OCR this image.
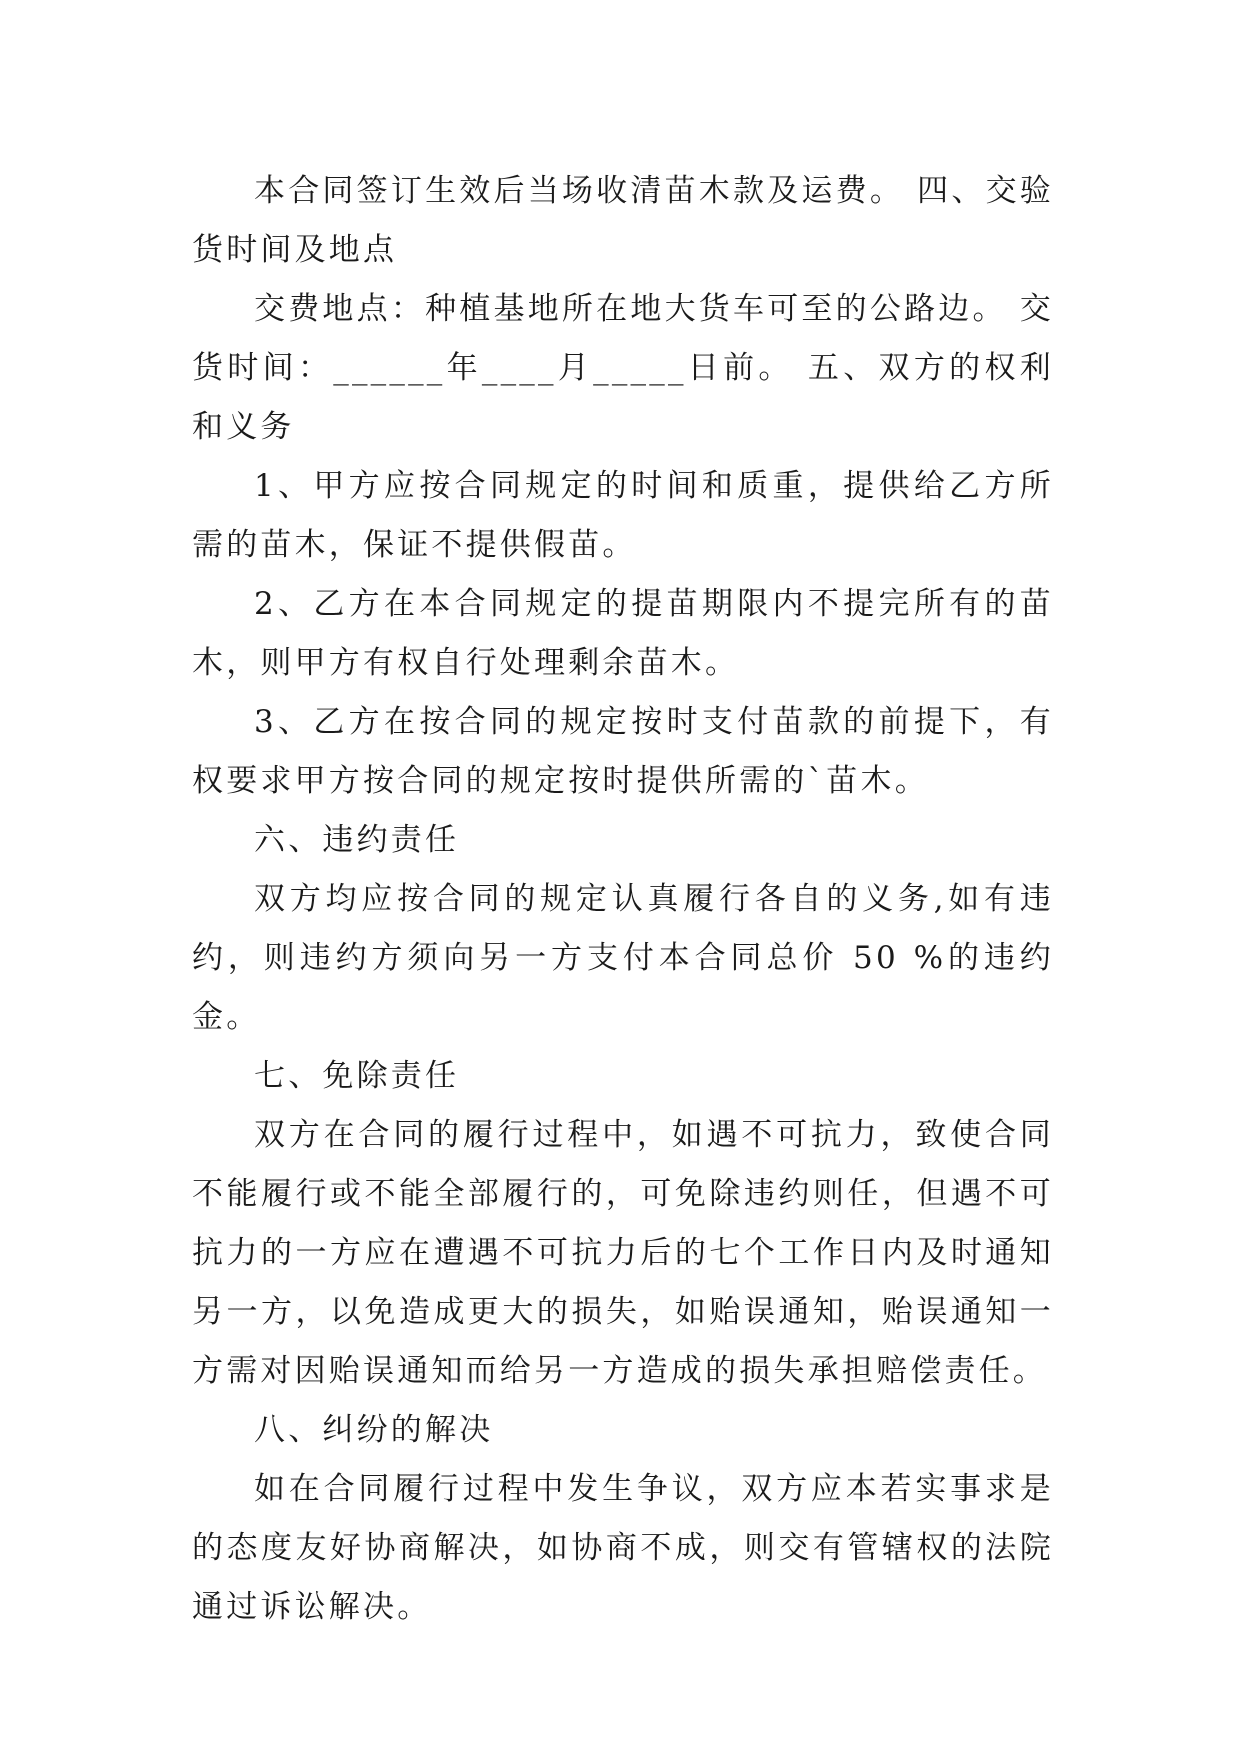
本合同签订生效后当场收清苗木款及运费。 四、交验货时间及地点

交费地点：种植基地所在地大货车可至的公路边。 交货时间：______年____月_____日前。 五、双方的权利和义务

1、甲方应按合同规定的时间和质重，提供给乙方所需的苗木，保证不提供假苗。

2、乙方在本合同规定的提苗期限内不提完所有的苗木，则甲方有权自行处理剩余苗木。

3、乙方在按合同的规定按时支付苗款的前提下，有权要求甲方按合同的规定按时提供所需的`苗木。

六、违约责任

双方均应按合同的规定认真履行各自的义务,如有违约，则违约方须向另一方支付本合同总价 50 %的违约金。

七、免除责任

双方在合同的履行过程中，如遇不可抗力，致使合同不能履行或不能全部履行的，可免除违约则任，但遇不可抗力的一方应在遭遇不可抗力后的七个工作日内及时通知另一方，以免造成更大的损失，如贻误通知，贻误通知一方需对因贻误通知而给另一方造成的损失承担赔偿责任。

八、纠纷的解决

如在合同履行过程中发生争议，双方应本若实事求是的态度友好协商解决，如协商不成，则交有管辖权的法院通过诉讼解决。
